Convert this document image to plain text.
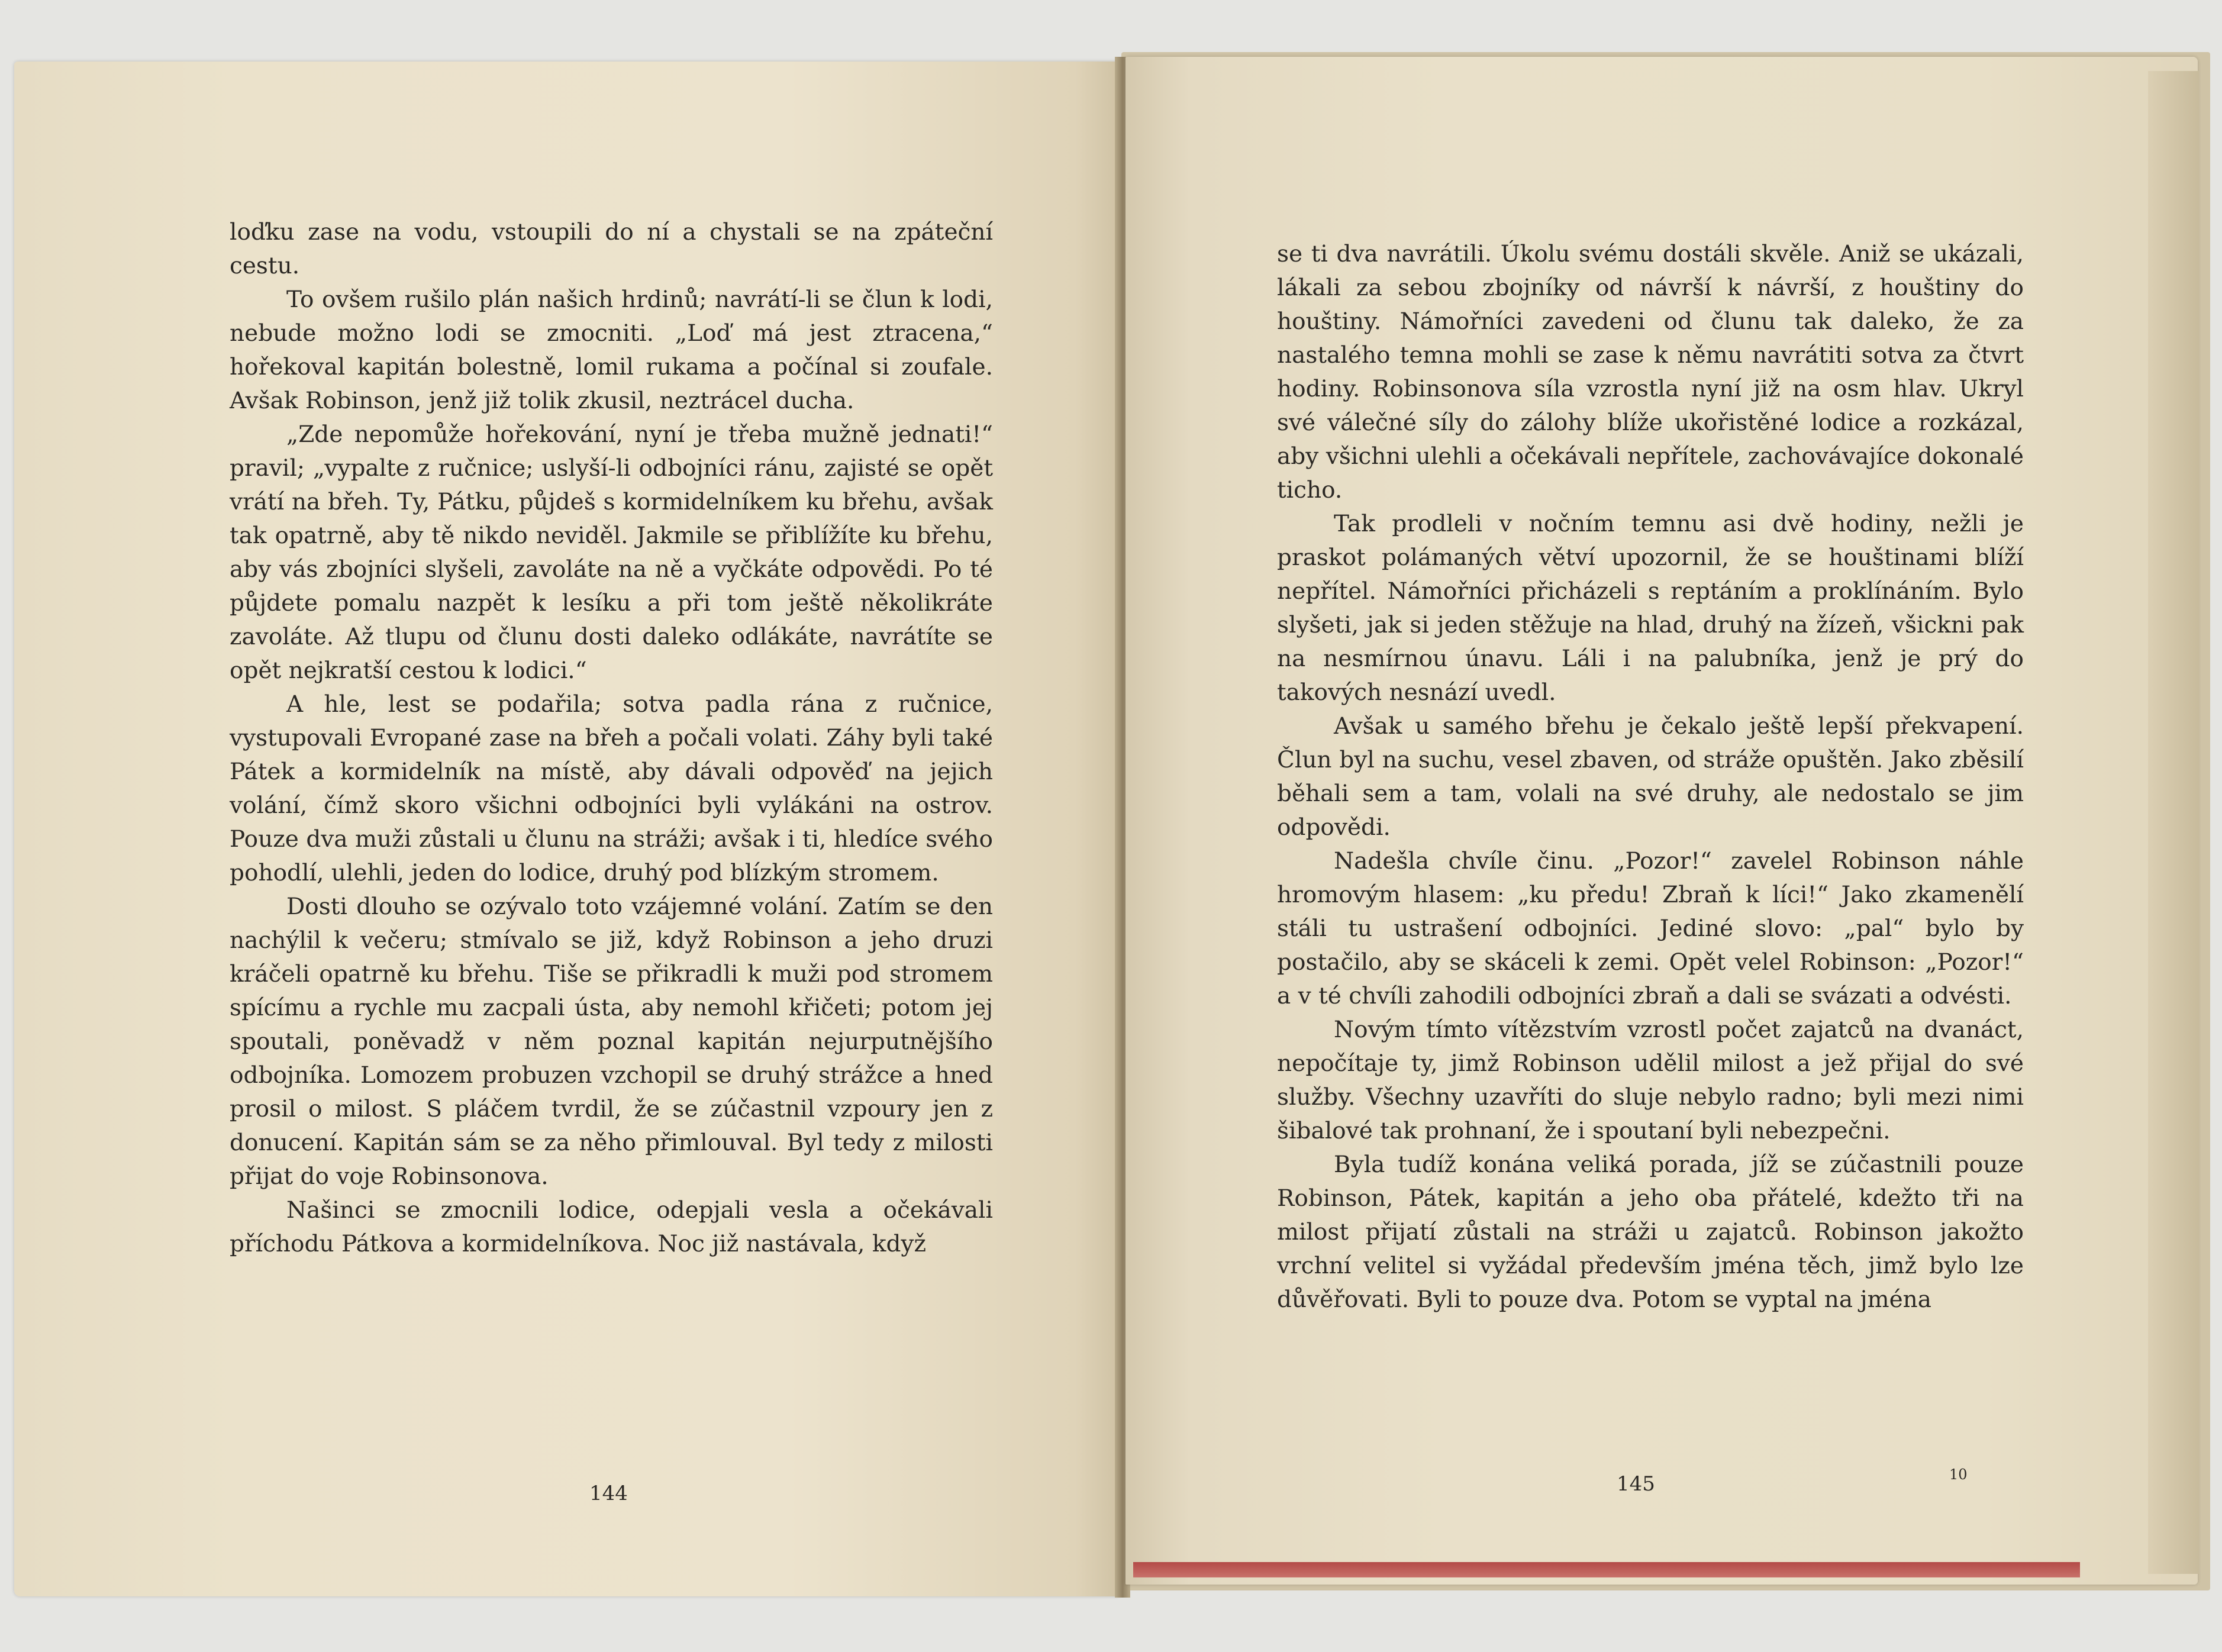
loďku zase na vodu, vstoupili do ní a chystali se na zpáteční cestu.

To ovšem rušilo plán našich hrdinů; navrátí-li se člun k lodi, nebude možno lodi se zmocniti. „Loď má jest ztracena,“ hořekoval kapitán bolestně, lomil rukama a počínal si zoufale. Avšak Robinson, jenž již tolik zkusil, neztrácel ducha.

„Zde nepomůže hořekování, nyní je třeba mužně jednati!“ pravil; „vypalte z ručnice; uslyší-li odbojníci ránu, zajisté se opět vrátí na břeh. Ty, Pátku, půjdeš s kormidelníkem ku břehu, avšak tak opatrně, aby tě nikdo neviděl. Jakmile se přiblížíte ku břehu, aby vás zbojníci slyšeli, zavoláte na ně a vyčkáte odpovědi. Po té půjdete pomalu nazpět k lesíku a při tom ještě několikráte zavoláte. Až tlupu od člunu dosti daleko odlákáte, navrátíte se opět nejkratší cestou k lodici.“

A hle, lest se podařila; sotva padla rána z ručnice, vystupovali Evropané zase na břeh a počali volati. Záhy byli také Pátek a kormidelník na místě, aby dávali odpověď na jejich volání, čímž skoro všichni odbojníci byli vylákáni na ostrov. Pouze dva muži zůstali u člunu na stráži; avšak i ti, hledíce svého pohodlí, ulehli, jeden do lodice, druhý pod blízkým stromem.

Dosti dlouho se ozývalo toto vzájemné volání. Zatím se den nachýlil k večeru; stmívalo se již, když Robinson a jeho druzi kráčeli opatrně ku břehu. Tiše se přikradli k muži pod stromem spícímu a rychle mu zacpali ústa, aby nemohl křičeti; potom jej spoutali, poněvadž v něm poznal kapitán nejurputnějšího odbojníka. Lomozem probuzen vzchopil se druhý strážce a hned prosil o milost. S pláčem tvrdil, že se zúčastnil vzpoury jen z donucení. Kapitán sám se za něho přimlouval. Byl tedy z milosti přijat do voje Robinsonova.

Našinci se zmocnili lodice, odepjali vesla a očekávali příchodu Pátkova a kormidelníkova. Noc již nastávala, když

144

se ti dva navrátili. Úkolu svému dostáli skvěle. Aniž se ukázali, lákali za sebou zbojníky od návrší k návrší, z houštiny do houštiny. Námořníci zavedeni od člunu tak daleko, že za nastalého temna mohli se zase k němu navrátiti sotva za čtvrt hodiny. Robinsonova síla vzrostla nyní již na osm hlav. Ukryl své válečné síly do zálohy blíže ukořistěné lodice a rozkázal, aby všichni ulehli a očekávali nepřítele, zachovávajíce dokonalé ticho.

Tak prodleli v nočním temnu asi dvě hodiny, nežli je praskot polámaných větví upozornil, že se houštinami blíží nepřítel. Námořníci přicházeli s reptáním a proklínáním. Bylo slyšeti, jak si jeden stěžuje na hlad, druhý na žízeň, všickni pak na nesmírnou únavu. Láli i na palubníka, jenž je prý do takových nesnází uvedl.

Avšak u samého břehu je čekalo ještě lepší překvapení. Člun byl na suchu, vesel zbaven, od stráže opuštěn. Jako zběsilí běhali sem a tam, volali na své druhy, ale nedostalo se jim odpovědi.

Nadešla chvíle činu. „Pozor!“ zavelel Robinson náhle hromovým hlasem: „ku předu! Zbraň k líci!“ Jako zkamenělí stáli tu ustrašení odbojníci. Jediné slovo: „pal“ bylo by postačilo, aby se skáceli k zemi. Opět velel Robinson: „Pozor!“ a v té chvíli zahodili odbojníci zbraň a dali se svázati a odvésti.

Novým tímto vítězstvím vzrostl počet zajatců na dvanáct, nepočítaje ty, jimž Robinson udělil milost a jež přijal do své služby. Všechny uzavříti do sluje nebylo radno; byli mezi nimi šibalové tak prohnaní, že i spoutaní byli nebezpečni.

Byla tudíž konána veliká porada, jíž se zúčastnili pouze Robinson, Pátek, kapitán a jeho oba přátelé, kdežto tři na milost přijatí zůstali na stráži u zajatců. Robinson jakožto vrchní velitel si vyžádal především jména těch, jimž bylo lze důvěřovati. Byli to pouze dva. Potom se vyptal na jména

145	10
